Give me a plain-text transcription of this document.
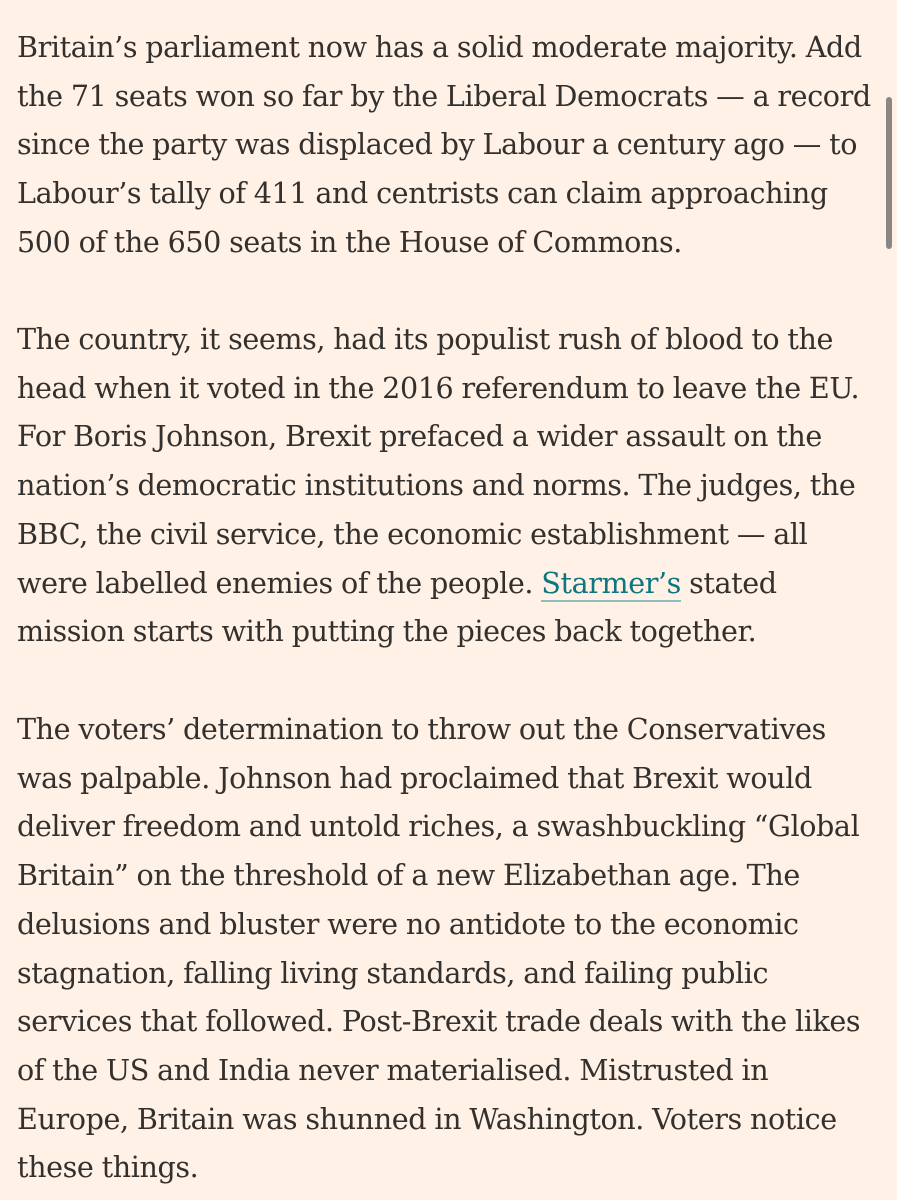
Britain’s parliament now has a solid moderate majority. Add the 71 seats won so far by the Liberal Democrats — a record since the party was displaced by Labour a century ago — to Labour’s tally of 411 and centrists can claim approaching 500 of the 650 seats in the House of Commons.

The country, it seems, had its populist rush of blood to the head when it voted in the 2016 referendum to leave the EU. For Boris Johnson, Brexit prefaced a wider assault on the nation’s democratic institutions and norms. The judges, the BBC, the civil service, the economic establishment — all were labelled enemies of the people. Starmer’s stated mission starts with putting the pieces back together.

The voters’ determination to throw out the Conservatives was palpable. Johnson had proclaimed that Brexit would deliver freedom and untold riches, a swashbuckling “Global Britain” on the threshold of a new Elizabethan age. The delusions and bluster were no antidote to the economic stagnation, falling living standards, and failing public services that followed. Post-Brexit trade deals with the likes of the US and India never materialised. Mistrusted in Europe, Britain was shunned in Washington. Voters notice these things.
